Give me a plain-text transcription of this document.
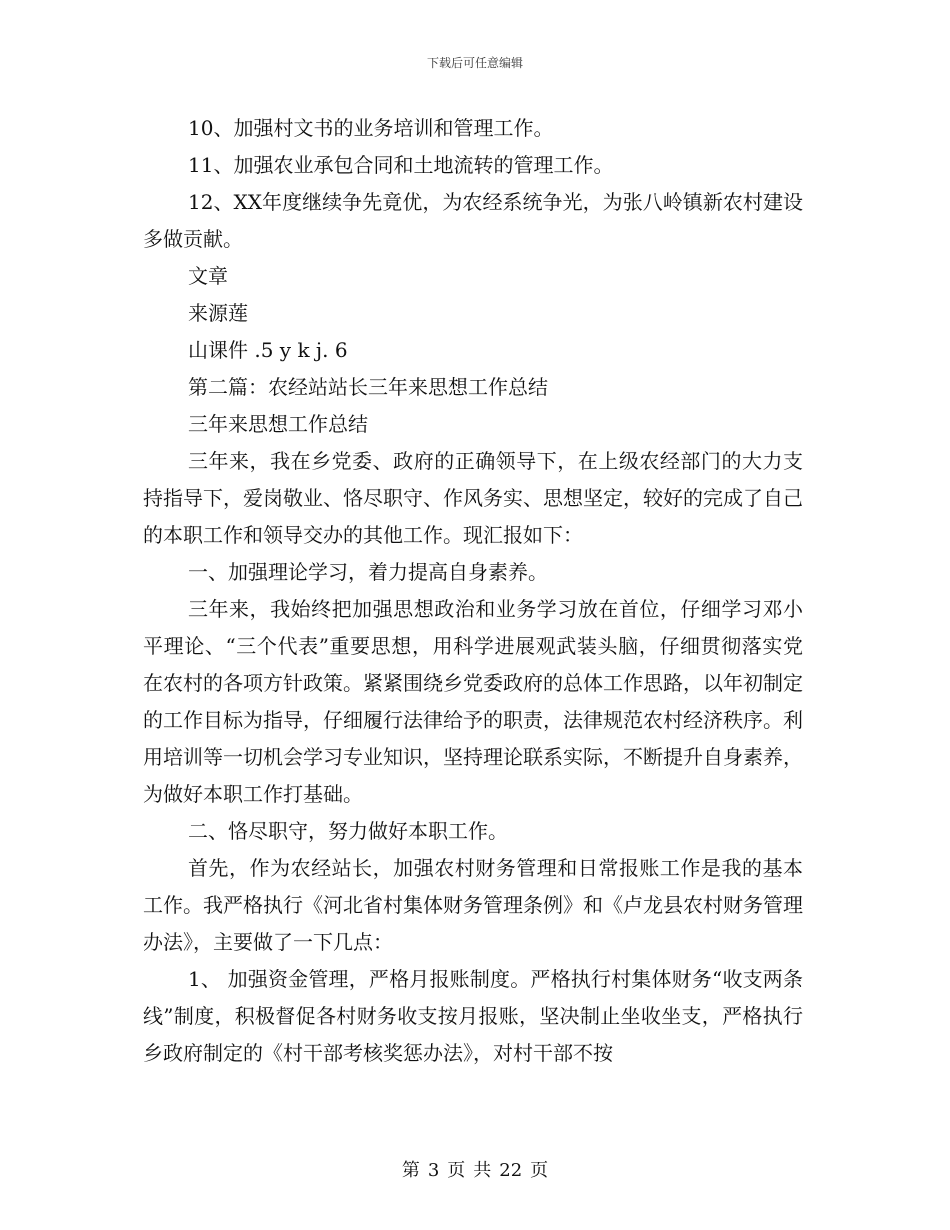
下载后可任意编辑

10、加强村文书的业务培训和管理工作。

11、加强农业承包合同和土地流转的管理工作。

12、XX年度继续争先竟优，为农经系统争光，为张八岭镇新农村建设多做贡献。

文章

来源莲

山课件 .5 y k j. 6

第二篇：农经站站长三年来思想工作总结

三年来思想工作总结

三年来，我在乡党委、政府的正确领导下，在上级农经部门的大力支持指导下，爱岗敬业、恪尽职守、作风务实、思想坚定，较好的完成了自己的本职工作和领导交办的其他工作。现汇报如下：

一、加强理论学习，着力提高自身素养。

三年来，我始终把加强思想政治和业务学习放在首位，仔细学习邓小平理论、“三个代表”重要思想，用科学进展观武装头脑，仔细贯彻落实党在农村的各项方针政策。紧紧围绕乡党委政府的总体工作思路，以年初制定的工作目标为指导，仔细履行法律给予的职责，法律规范农村经济秩序。利用培训等一切机会学习专业知识，坚持理论联系实际，不断提升自身素养，为做好本职工作打基础。

二、恪尽职守，努力做好本职工作。

首先，作为农经站长，加强农村财务管理和日常报账工作是我的基本工作。我严格执行《河北省村集体财务管理条例》和《卢龙县农村财务管理办法》，主要做了一下几点：

1、 加强资金管理，严格月报账制度。严格执行村集体财务“收支两条线”制度，积极督促各村财务收支按月报账，坚决制止坐收坐支，严格执行乡政府制定的《村干部考核奖惩办法》，对村干部不按

第 3 页 共 22 页
